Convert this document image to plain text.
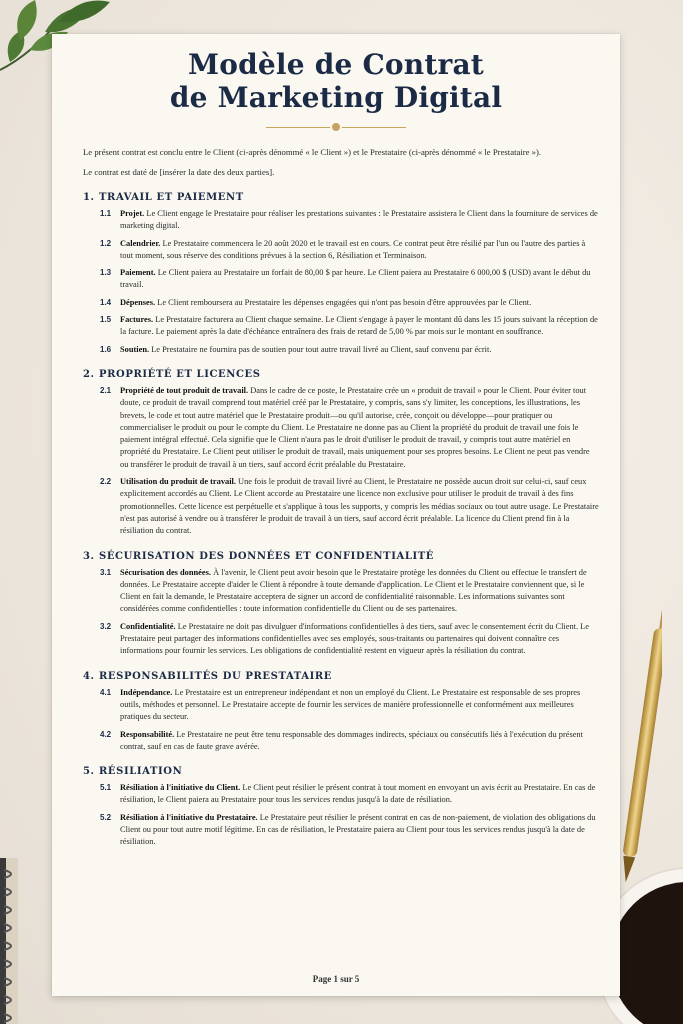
Modèle de Contrat
de Marketing Digital

Le présent contrat est conclu entre le Client (ci-après dénommé « le Client ») et le Prestataire (ci-après dénommé « le Prestataire »).

Le contrat est daté de [insérer la date des deux parties].

1. TRAVAIL ET PAIEMENT
1.1 Projet. Le Client engage le Prestataire pour réaliser les prestations suivantes : le Prestataire assistera le Client dans la fourniture de services de marketing digital.
1.2 Calendrier. Le Prestataire commencera le 20 août 2020 et le travail est en cours. Ce contrat peut être résilié par l'un ou l'autre des parties à tout moment, sous réserve des conditions prévues à la section 6, Résiliation et Terminaison.
1.3 Paiement. Le Client paiera au Prestataire un forfait de 80,00 $ par heure. Le Client paiera au Prestataire 6 000,00 $ (USD) avant le début du travail.
1.4 Dépenses. Le Client remboursera au Prestataire les dépenses engagées qui n'ont pas besoin d'être approuvées par le Client.
1.5 Factures. Le Prestataire facturera au Client chaque semaine. Le Client s'engage à payer le montant dû dans les 15 jours suivant la réception de la facture. Le paiement après la date d'échéance entraînera des frais de retard de 5,00 % par mois sur le montant en souffrance.
1.6 Soutien. Le Prestataire ne fournira pas de soutien pour tout autre travail livré au Client, sauf convenu par écrit.
2. PROPRIÉTÉ ET LICENCES
2.1 Propriété de tout produit de travail. Dans le cadre de ce poste, le Prestataire crée un « produit de travail » pour le Client. Pour éviter tout doute, ce produit de travail comprend tout matériel créé par le Prestataire, y compris, sans s'y limiter, les conceptions, les illustrations, les brevets, le code et tout autre matériel que le Prestataire produit—ou qu'il autorise, crée, conçoit ou développe—pour pratiquer ou commercialiser le produit ou pour le compte du Client. Le Prestataire ne donne pas au Client la propriété du produit de travail une fois le paiement intégral effectué. Cela signifie que le Client n'aura pas le droit d'utiliser le produit de travail, y compris tout autre matériel en propriété du Prestataire. Le Client peut utiliser le produit de travail, mais uniquement pour ses propres besoins. Le Client ne peut pas vendre ou transférer le produit de travail à un tiers, sauf accord écrit préalable du Prestataire.
2.2 Utilisation du produit de travail. Une fois le produit de travail livré au Client, le Prestataire ne possède aucun droit sur celui-ci, sauf ceux explicitement accordés au Client. Le Client accorde au Prestataire une licence non exclusive pour utiliser le produit de travail à des fins promotionnelles. Cette licence est perpétuelle et s'applique à tous les supports, y compris les médias sociaux ou tout autre usage. Le Prestataire n'est pas autorisé à vendre ou à transférer le produit de travail à un tiers, sauf accord écrit préalable. La licence du Client prend fin à la résiliation du contrat.
3. SÉCURISATION DES DONNÉES ET CONFIDENTIALITÉ
3.1 Sécurisation des données. À l'avenir, le Client peut avoir besoin que le Prestataire protège les données du Client ou effectue le transfert de données. Le Prestataire accepte d'aider le Client à répondre à toute demande d'application. Le Client et le Prestataire conviennent que, si le Client en fait la demande, le Prestataire acceptera de signer un accord de confidentialité raisonnable. Les informations suivantes sont considérées comme confidentielles : toute information confidentielle du Client ou de ses partenaires.
3.2 Confidentialité. Le Prestataire ne doit pas divulguer d'informations confidentielles à des tiers, sauf avec le consentement écrit du Client. Le Prestataire peut partager des informations confidentielles avec ses employés, sous-traitants ou partenaires qui doivent connaître ces informations pour fournir les services. Les obligations de confidentialité restent en vigueur après la résiliation du contrat.
4. RESPONSABILITÉS DU PRESTATAIRE
4.1 Indépendance. Le Prestataire est un entrepreneur indépendant et non un employé du Client. Le Prestataire est responsable de ses propres outils, méthodes et personnel. Le Prestataire accepte de fournir les services de manière professionnelle et conformément aux meilleures pratiques du secteur.
4.2 Responsabilité. Le Prestataire ne peut être tenu responsable des dommages indirects, spéciaux ou consécutifs liés à l'exécution du présent contrat, sauf en cas de faute grave avérée.
5. RÉSILIATION
5.1 Résiliation à l'initiative du Client. Le Client peut résilier le présent contrat à tout moment en envoyant un avis écrit au Prestataire. En cas de résiliation, le Client paiera au Prestataire pour tous les services rendus jusqu'à la date de résiliation.
5.2 Résiliation à l'initiative du Prestataire. Le Prestataire peut résilier le présent contrat en cas de non-paiement, de violation des obligations du Client ou pour tout autre motif légitime. En cas de résiliation, le Prestataire paiera au Client pour tous les services rendus jusqu'à la date de résiliation.
Page 1 sur 5
